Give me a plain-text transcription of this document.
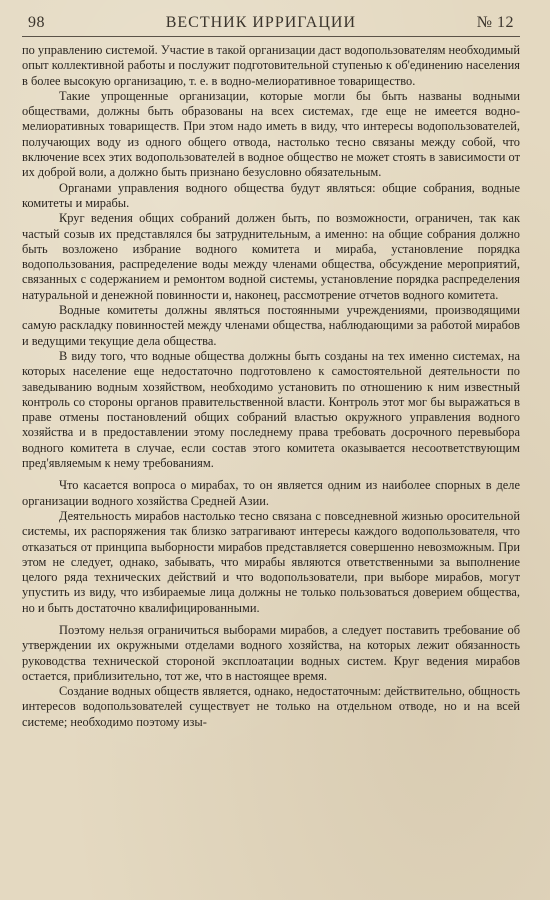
98	ВЕСТНИК ИРРИГАЦИИ	№ 12

по управлению системой. Участие в такой организации даст водопользователям необходимый опыт коллективной работы и послужит подготовительной ступенью к об'единению населения в более высокую организацию, т. е. в водно-мелиоративное товарищество.

Такие упрощенные организации, которые могли бы быть названы водными обществами, должны быть образованы на всех системах, где еще не имеется водно-мелиоративных товариществ. При этом надо иметь в виду, что интересы водопользователей, получающих воду из одного общего отвода, настолько тесно связаны между собой, что включение всех этих водопользователей в водное общество не может стоять в зависимости от их доброй воли, а должно быть признано безусловно обязательным.

Органами управления водного общества будут являться: общие собрания, водные комитеты и мирабы.

Круг ведения общих собраний должен быть, по возможности, ограничен, так как частый созыв их представлялся бы затруднительным, а именно: на общие собрания должно быть возложено избрание водного комитета и мираба, установление порядка водопользования, распределение воды между членами общества, обсуждение мероприятий, связанных с содержанием и ремонтом водной системы, установление порядка распределения натуральной и денежной повинности и, наконец, рассмотрение отчетов водного комитета.

Водные комитеты должны являться постоянными учреждениями, производящими самую раскладку повинностей между членами общества, наблюдающими за работой мирабов и ведущими текущие дела общества.

В виду того, что водные общества должны быть созданы на тех именно системах, на которых население еще недостаточно подготовлено к самостоятельной деятельности по заведыванию водным хозяйством, необходимо установить по отношению к ним известный контроль со стороны органов правительственной власти. Контроль этот мог бы выражаться в праве отмены постановлений общих собраний властью окружного управления водного хозяйства и в предоставлении этому последнему права требовать досрочного перевыбора водного комитета в случае, если состав этого комитета оказывается несоответствующим пред'являемым к нему требованиям.

Что касается вопроса о мирабах, то он является одним из наиболее спорных в деле организации водного хозяйства Средней Азии.

Деятельность мирабов настолько тесно связана с повседневной жизнью оросительной системы, их распоряжения так близко затрагивают интересы каждого водопользователя, что отказаться от принципа выборности мирабов представляется совершенно невозможным. При этом не следует, однако, забывать, что мирабы являются ответственными за выполнение целого ряда технических действий и что водопользователи, при выборе мирабов, могут упустить из виду, что избираемые лица должны не только пользоваться доверием общества, но и быть достаточно квалифицированными.

Поэтому нельзя ограничиться выборами мирабов, а следует поставить требование об утверждении их окружными отделами водного хозяйства, на которых лежит обязанность руководства технической стороной эксплоатации водных систем. Круг ведения мирабов остается, приблизительно, тот же, что в настоящее время.

Создание водных обществ является, однако, недостаточным: действительно, общность интересов водопользователей существует не только на отдельном отводе, но и на всей системе; необходимо поэтому изы-
